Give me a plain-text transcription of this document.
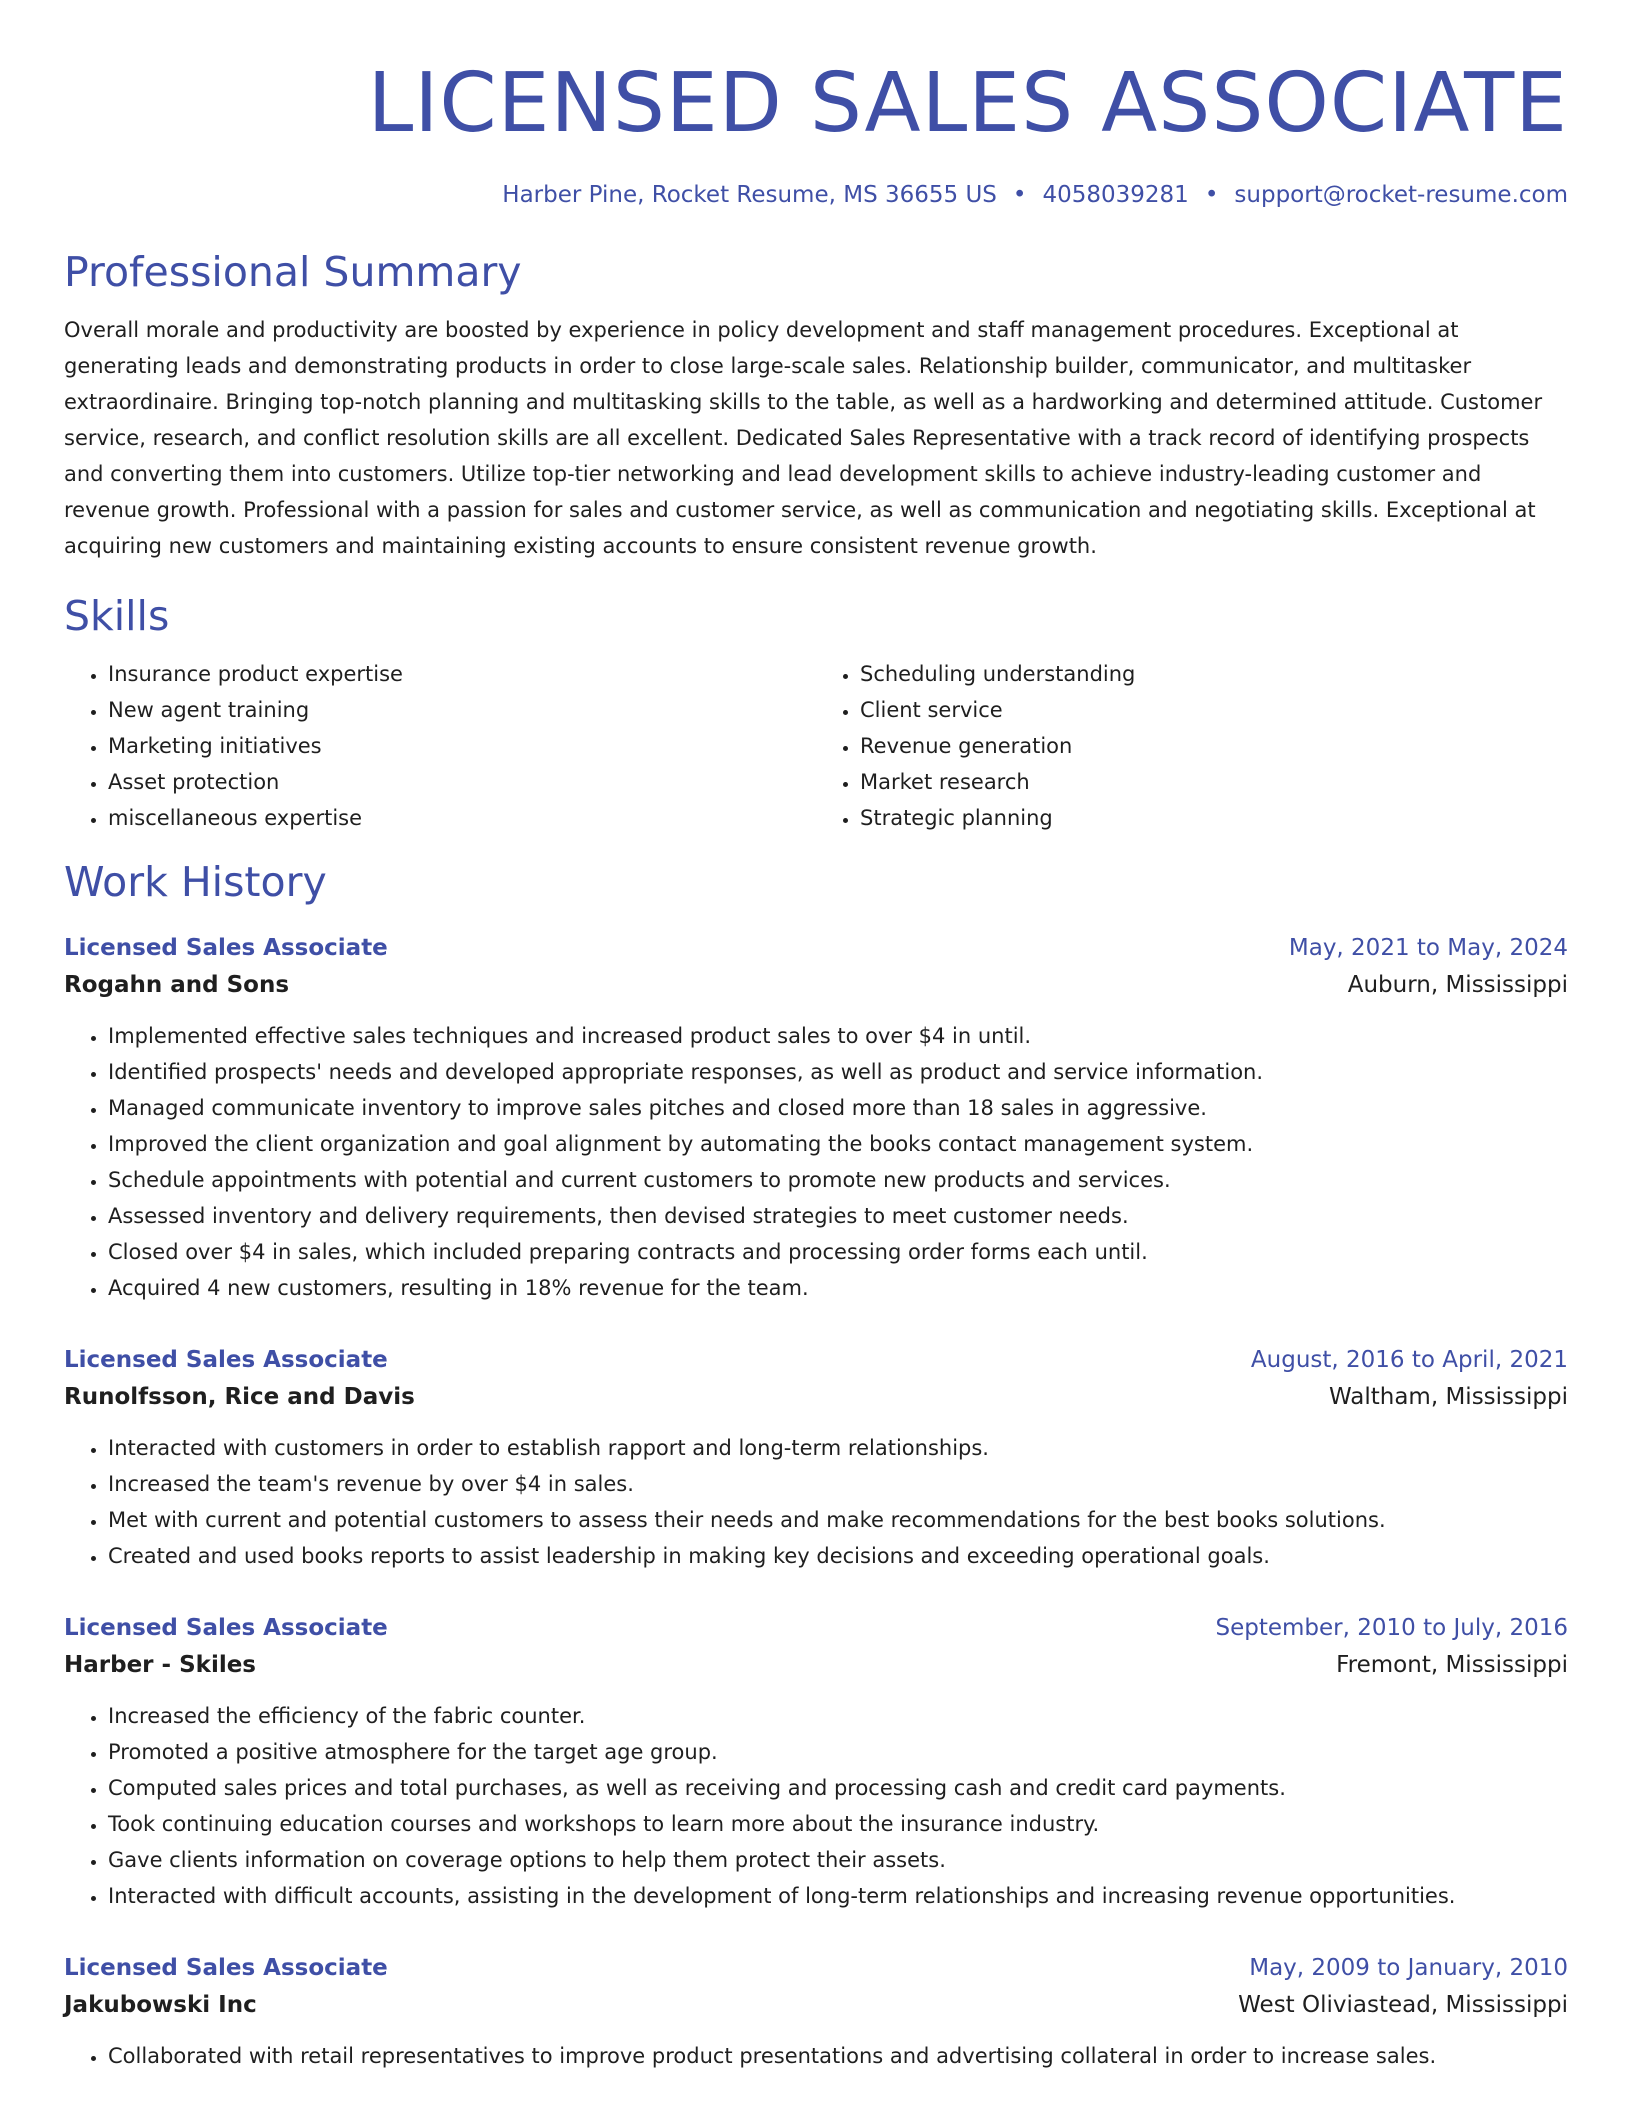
LICENSED SALES ASSOCIATE
Harber Pine, Rocket Resume, MS 36655 US • 4058039281 • support@rocket-resume.com
Professional Summary

Overall morale and productivity are boosted by experience in policy development and staff management procedures. Exceptional at generating leads and demonstrating products in order to close large-scale sales. Relationship builder, communicator, and multitasker extraordinaire. Bringing top-notch planning and multitasking skills to the table, as well as a hardworking and determined attitude. Customer service, research, and conflict resolution skills are all excellent. Dedicated Sales Representative with a track record of identifying prospects and converting them into customers. Utilize top-tier networking and lead development skills to achieve industry-leading customer and revenue growth. Professional with a passion for sales and customer service, as well as communication and negotiating skills. Exceptional at acquiring new customers and maintaining existing accounts to ensure consistent revenue growth.

Skills
• Insurance product expertise
• New agent training
• Marketing initiatives
• Asset protection
• miscellaneous expertise
• Scheduling understanding
• Client service
• Revenue generation
• Market research
• Strategic planning
Work History
Licensed Sales Associate	May, 2021 to May, 2024
Rogahn and Sons	Auburn, Mississippi
• Implemented effective sales techniques and increased product sales to over $4 in until.
• Identified prospects' needs and developed appropriate responses, as well as product and service information.
• Managed communicate inventory to improve sales pitches and closed more than 18 sales in aggressive.
• Improved the client organization and goal alignment by automating the books contact management system.
• Schedule appointments with potential and current customers to promote new products and services.
• Assessed inventory and delivery requirements, then devised strategies to meet customer needs.
• Closed over $4 in sales, which included preparing contracts and processing order forms each until.
• Acquired 4 new customers, resulting in 18% revenue for the team.
Licensed Sales Associate	August, 2016 to April, 2021
Runolfsson, Rice and Davis	Waltham, Mississippi
• Interacted with customers in order to establish rapport and long-term relationships.
• Increased the team's revenue by over $4 in sales.
• Met with current and potential customers to assess their needs and make recommendations for the best books solutions.
• Created and used books reports to assist leadership in making key decisions and exceeding operational goals.
Licensed Sales Associate	September, 2010 to July, 2016
Harber - Skiles	Fremont, Mississippi
• Increased the efficiency of the fabric counter.
• Promoted a positive atmosphere for the target age group.
• Computed sales prices and total purchases, as well as receiving and processing cash and credit card payments.
• Took continuing education courses and workshops to learn more about the insurance industry.
• Gave clients information on coverage options to help them protect their assets.
• Interacted with difficult accounts, assisting in the development of long-term relationships and increasing revenue opportunities.
Licensed Sales Associate	May, 2009 to January, 2010
Jakubowski Inc	West Oliviastead, Mississippi
• Collaborated with retail representatives to improve product presentations and advertising collateral in order to increase sales.
